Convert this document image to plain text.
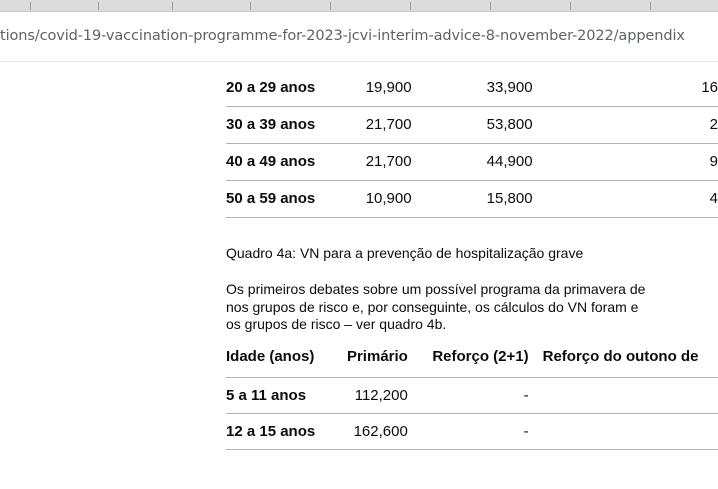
tions/covid-19-vaccination-programme-for-2023-jcvi-interim-advice-8-november-2022/appendix
20 a 29 anos	19,900	33,900	16
30 a 39 anos	21,700	53,800	2
40 a 49 anos	21,700	44,900	9
50 a 59 anos	10,900	15,800	4

Quadro 4a: VN para a prevenção de hospitalização grave

Os primeiros debates sobre um possível programa da primavera de
nos grupos de risco e, por conseguinte, os cálculos do VN foram e
os grupos de risco – ver quadro 4b.
Idade (anos)	Primário	Reforço (2+1)	Reforço do outono de
5 a 11 anos	112,200	-	
12 a 15 anos	162,600	-	
